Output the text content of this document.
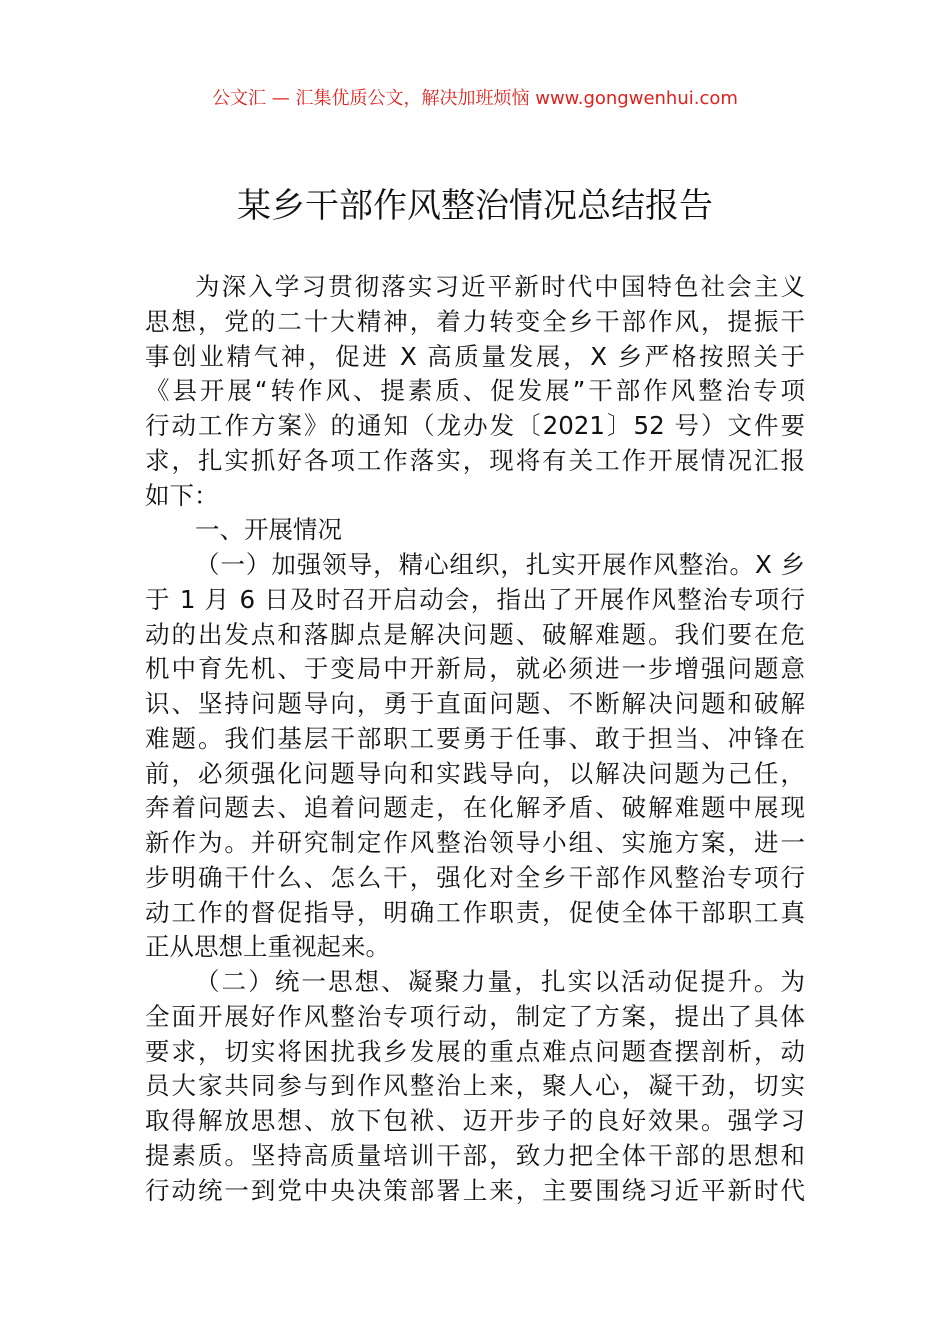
公文汇 — 汇集优质公文，解决加班烦恼 www.gongwenhui.com
某乡干部作风整治情况总结报告
为深入学习贯彻落实习近平新时代中国特色社会主义
思想，党的二十大精神，着力转变全乡干部作风，提振干
事创业精气神，促进 X 高质量发展，X 乡严格按照关于
《县开展“转作风、提素质、促发展”干部作风整治专项
行动工作方案》的通知（龙办发〔2021〕52 号）文件要
求，扎实抓好各项工作落实，现将有关工作开展情况汇报
如下：
一、开展情况
（一）加强领导，精心组织，扎实开展作风整治。X 乡
于 1 月 6 日及时召开启动会，指出了开展作风整治专项行
动的出发点和落脚点是解决问题、破解难题。我们要在危
机中育先机、于变局中开新局，就必须进一步增强问题意
识、坚持问题导向，勇于直面问题、不断解决问题和破解
难题。我们基层干部职工要勇于任事、敢于担当、冲锋在
前，必须强化问题导向和实践导向，以解决问题为己任，
奔着问题去、追着问题走，在化解矛盾、破解难题中展现
新作为。并研究制定作风整治领导小组、实施方案，进一
步明确干什么、怎么干，强化对全乡干部作风整治专项行
动工作的督促指导，明确工作职责，促使全体干部职工真
正从思想上重视起来。
（二）统一思想、凝聚力量，扎实以活动促提升。为
全面开展好作风整治专项行动，制定了方案，提出了具体
要求，切实将困扰我乡发展的重点难点问题查摆剖析，动
员大家共同参与到作风整治上来，聚人心，凝干劲，切实
取得解放思想、放下包袱、迈开步子的良好效果。强学习
提素质。坚持高质量培训干部，致力把全体干部的思想和
行动统一到党中央决策部署上来，主要围绕习近平新时代
